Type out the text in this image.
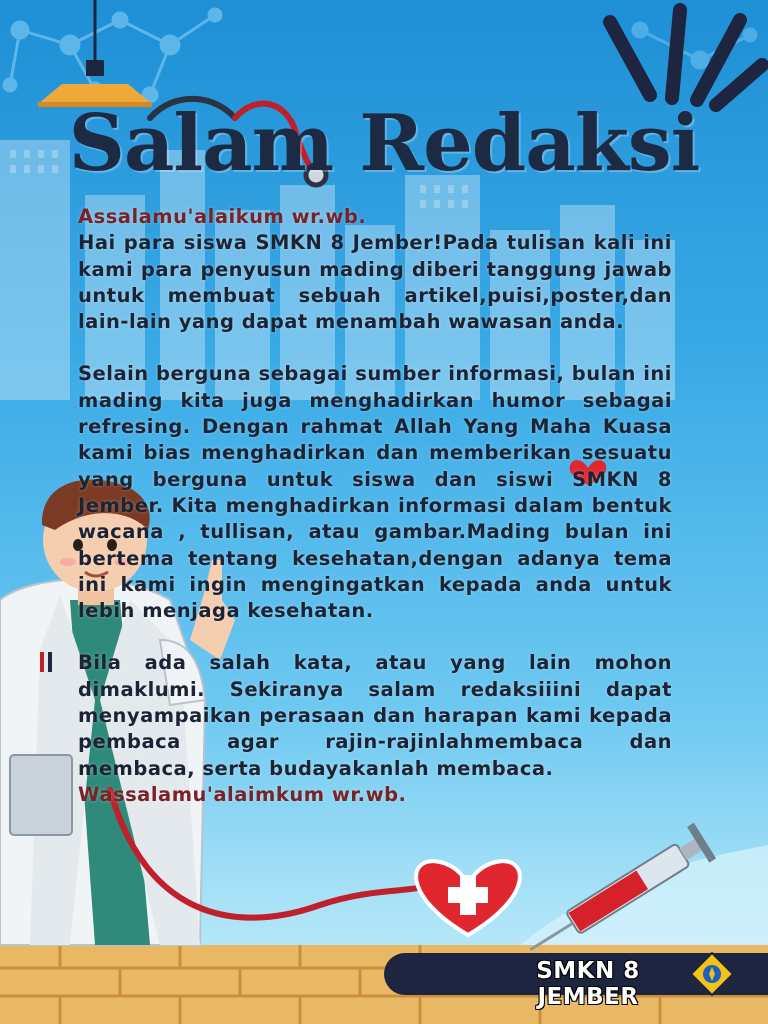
Salam Redaksi

Assalamu'alaikum wr.wb.

Hai para siswa SMKN 8 Jember!Pada tulisan kali ini kami para penyusun mading diberi tanggung jawab untuk membuat sebuah artikel,puisi,poster,dan lain-lain yang dapat menambah wawasan anda.

Selain berguna sebagai sumber informasi, bulan ini mading kita juga menghadirkan humor sebagai refresing. Dengan rahmat Allah Yang Maha Kuasa kami bias menghadirkan dan memberikan sesuatu yang berguna untuk siswa dan siswi SMKN 8 Jember. Kita menghadirkan informasi dalam bentuk wacana , tullisan, atau gambar.Mading bulan ini bertema tentang kesehatan,dengan adanya tema ini kami ingin mengingatkan kepada anda untuk lebih menjaga kesehatan.

Bila ada salah kata, atau yang lain mohon dimaklumi. Sekiranya salam redaksiiini dapat menyampaikan perasaan dan harapan kami kepada pembaca agar rajin-rajinlahmembaca dan membaca, serta budayakanlah membaca.

Wassalamu'alaimkum wr.wb.

SMKN 8 JEMBER
